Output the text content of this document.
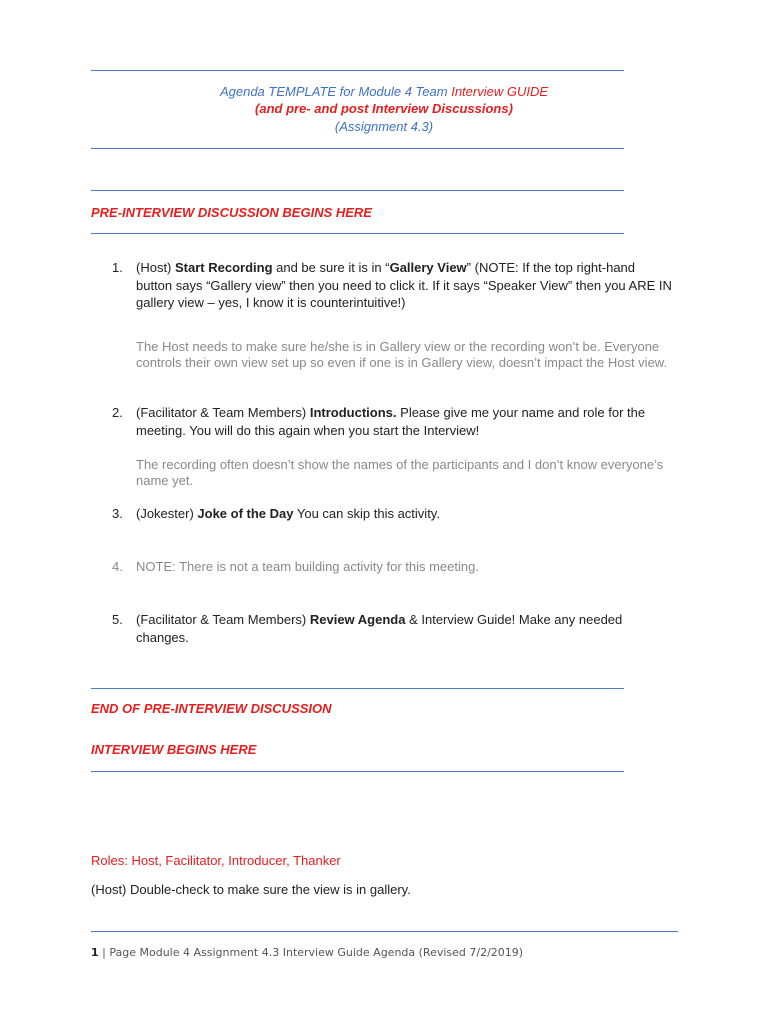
Agenda TEMPLATE for Module 4 Team Interview GUIDE
(and pre- and post Interview Discussions)
(Assignment 4.3)
PRE-INTERVIEW DISCUSSION BEGINS HERE
1.	(Host) Start Recording and be sure it is in “Gallery View” (NOTE: If the top right-hand button says “Gallery view” then you need to click it. If it says “Speaker View” then you ARE IN gallery view – yes, I know it is counterintuitive!)
The Host needs to make sure he/she is in Gallery view or the recording won’t be. Everyone controls their own view set up so even if one is in Gallery view, doesn’t impact the Host view.
2.	(Facilitator & Team Members) Introductions. Please give me your name and role for the meeting. You will do this again when you start the Interview!
The recording often doesn’t show the names of the participants and I don’t know everyone’s name yet.
3.	(Jokester) Joke of the Day You can skip this activity.
4.	NOTE: There is not a team building activity for this meeting.
5.	(Facilitator & Team Members) Review Agenda & Interview Guide! Make any needed changes.
END OF PRE-INTERVIEW DISCUSSION
INTERVIEW BEGINS HERE
Roles: Host, Facilitator, Introducer, Thanker
(Host) Double-check to make sure the view is in gallery.
1 | Page Module 4 Assignment 4.3 Interview Guide Agenda (Revised 7/2/2019)
